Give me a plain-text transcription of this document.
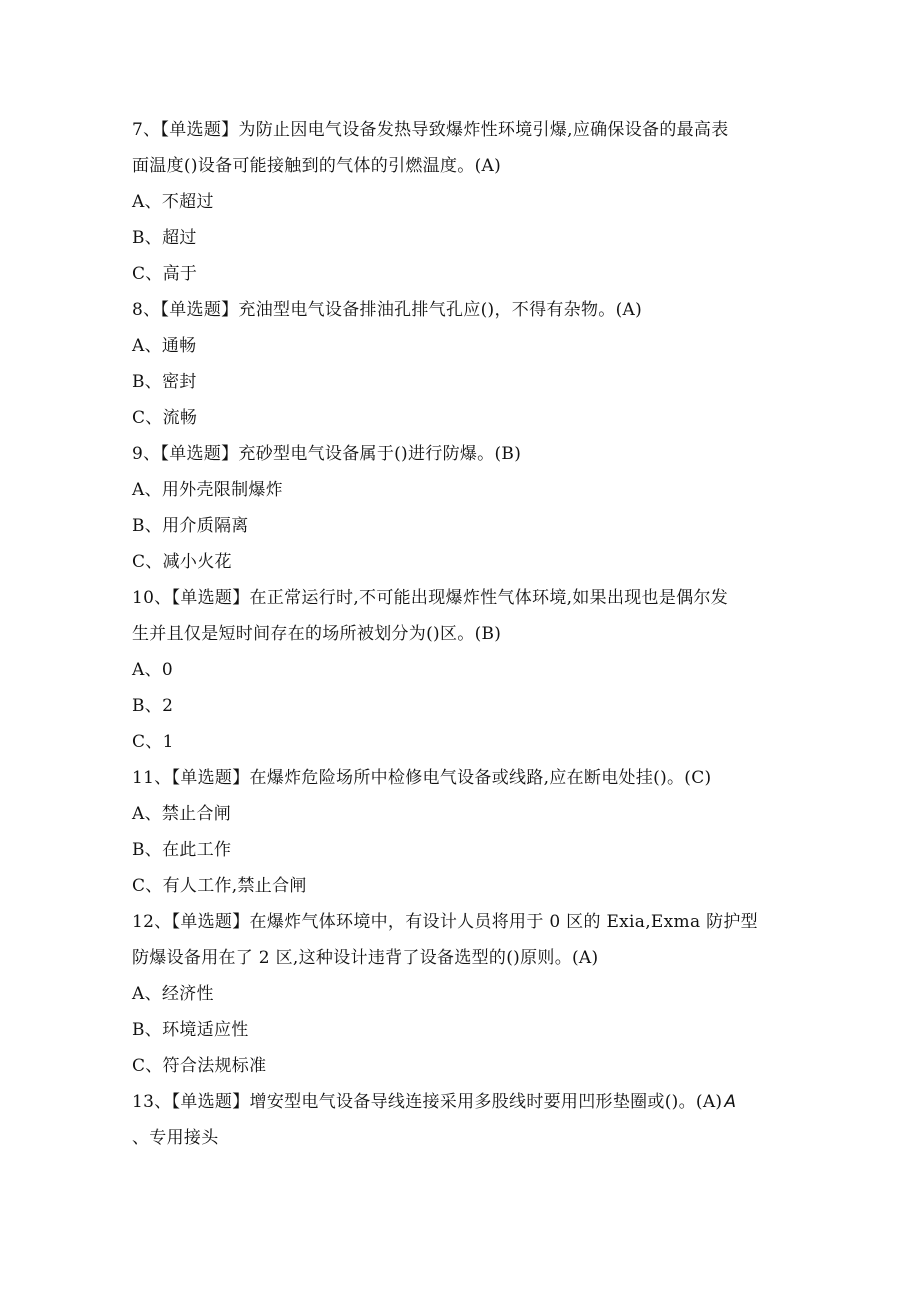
7、【单选题】为防止因电气设备发热导致爆炸性环境引爆,应确保设备的最高表
面温度()设备可能接触到的气体的引燃温度。(A)
A、不超过
B、超过
C、高于
8、【单选题】充油型电气设备排油孔排气孔应()，不得有杂物。(A)
A、通畅
B、密封
C、流畅
9、【单选题】充砂型电气设备属于()进行防爆。(B)
A、用外壳限制爆炸
B、用介质隔离
C、减小火花
10、【单选题】在正常运行时,不可能出现爆炸性气体环境,如果出现也是偶尔发
生并且仅是短时间存在的场所被划分为()区。(B)
A、0
B、2
C、1
11、【单选题】在爆炸危险场所中检修电气设备或线路,应在断电处挂()。(C)
A、禁止合闸
B、在此工作
C、有人工作,禁止合闸
12、【单选题】在爆炸气体环境中，有设计人员将用于 0 区的 Exia,Exma 防护型
防爆设备用在了 2 区,这种设计违背了设备选型的()原则。(A)
A、经济性
B、环境适应性
C、符合法规标准
13、【单选题】增安型电气设备导线连接采用多股线时要用凹形垫圈或()。(A) A
、专用接头
